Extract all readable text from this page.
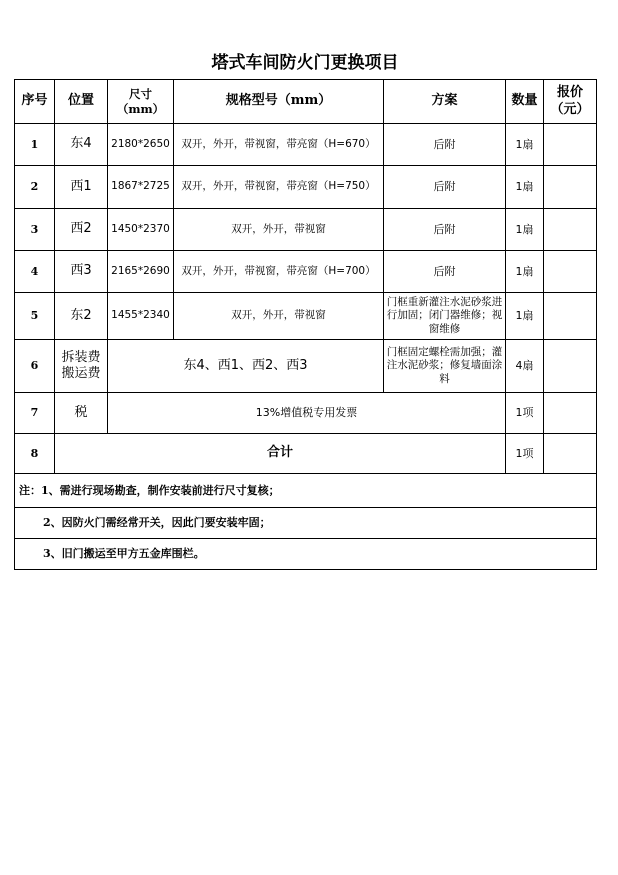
塔式车间防火门更换项目
序号	位置	尺寸（mm）	规格型号（mm）	方案	数量	报价
（元）

1	东4	2180*2650	双开，外开，带视窗，带亮窗（H=670）	后附	1扇	
2	西1	1867*2725	双开，外开，带视窗，带亮窗（H=750）	后附	1扇	
3	西2	1450*2370	双开，外开，带视窗	后附	1扇	
4	西3	2165*2690	双开，外开，带视窗，带亮窗（H=700）	后附	1扇	
5	东2	1455*2340	双开，外开，带视窗	门框重新灌注水泥砂浆进行加固；闭门器维修；视窗维修	1扇	
6	拆装费搬运费	东4、西1、西2、西3		门框固定螺栓需加强；灌注水泥砂浆；修复墙面涂料	4扇	
7	税	13%增值税专用发票			1项	
8	合计				1项	
注：1、需进行现场勘查，制作安装前进行尺寸复核；						
2、因防火门需经常开关，因此门要安装牢固；						
3、旧门搬运至甲方五金库围栏。						
